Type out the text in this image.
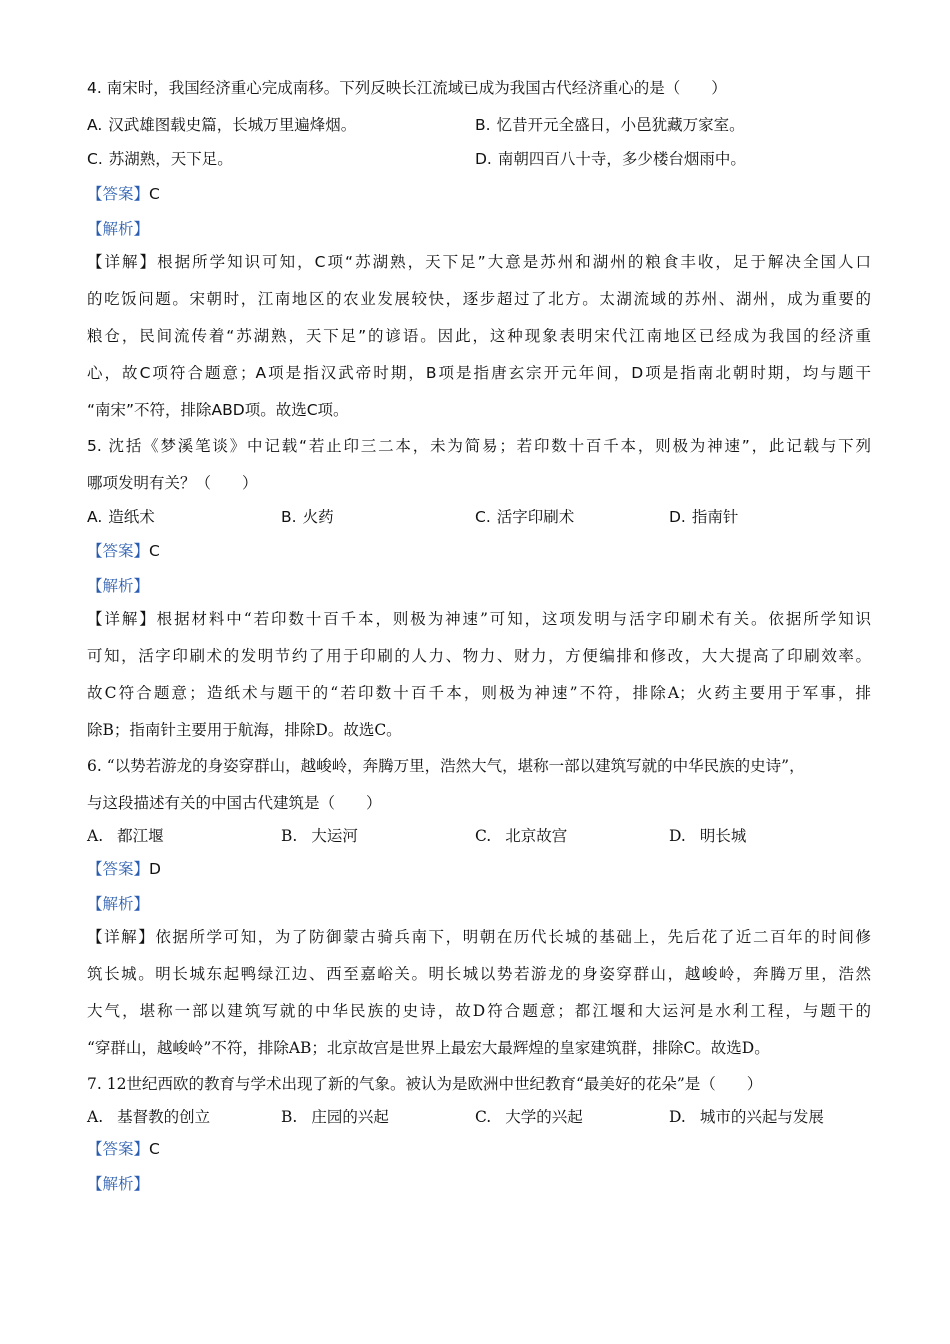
4. 南宋时，我国经济重心完成南移。下列反映长江流域已成为我国古代经济重心的是（　　）
A. 汉武雄图载史篇，长城万里遍烽烟。	B. 忆昔开元全盛日，小邑犹藏万家室。
C. 苏湖熟，天下足。	D. 南朝四百八十寺，多少楼台烟雨中。
【答案】C
【解析】
【详解】根据所学知识可知，C项“苏湖熟，天下足”大意是苏州和湖州的粮食丰收，足于解决全国人口
的吃饭问题。宋朝时，江南地区的农业发展较快，逐步超过了北方。太湖流域的苏州、湖州，成为重要的
粮仓，民间流传着“苏湖熟，天下足”的谚语。因此，这种现象表明宋代江南地区已经成为我国的经济重
心，故C项符合题意；A项是指汉武帝时期，B项是指唐玄宗开元年间，D项是指南北朝时期，均与题干
“南宋”不符，排除ABD项。故选C项。
5. 沈括《梦溪笔谈》中记载“若止印三二本，未为简易；若印数十百千本，则极为神速”，此记载与下列
哪项发明有关？（　　）
A. 造纸术	B. 火药	C. 活字印刷术	D. 指南针
【答案】C
【解析】
【详解】根据材料中“若印数十百千本，则极为神速”可知，这项发明与活字印刷术有关。依据所学知识
可知，活字印刷术的发明节约了用于印刷的人力、物力、财力，方便编排和修改，大大提高了印刷效率。
故C符合题意；造纸术与题干的“若印数十百千本，则极为神速”不符，排除A；火药主要用于军事，排
除B；指南针主要用于航海，排除D。故选C。
6. “以势若游龙的身姿穿群山，越峻岭，奔腾万里，浩然大气，堪称一部以建筑写就的中华民族的史诗”，
与这段描述有关的中国古代建筑是（　　）
A. 都江堰	B. 大运河	C. 北京故宫	D. 明长城
【答案】D
【解析】
【详解】依据所学可知，为了防御蒙古骑兵南下，明朝在历代长城的基础上，先后花了近二百年的时间修
筑长城。明长城东起鸭绿江边、西至嘉峪关。明长城以势若游龙的身姿穿群山，越峻岭，奔腾万里，浩然
大气，堪称一部以建筑写就的中华民族的史诗，故D符合题意；都江堰和大运河是水利工程，与题干的
“穿群山，越峻岭”不符，排除AB；北京故宫是世界上最宏大最辉煌的皇家建筑群，排除C。故选D。
7. 12世纪西欧的教育与学术出现了新的气象。被认为是欧洲中世纪教育“最美好的花朵”是（　　）
A. 基督教的创立	B. 庄园的兴起	C. 大学的兴起	D. 城市的兴起与发展
【答案】C
【解析】
